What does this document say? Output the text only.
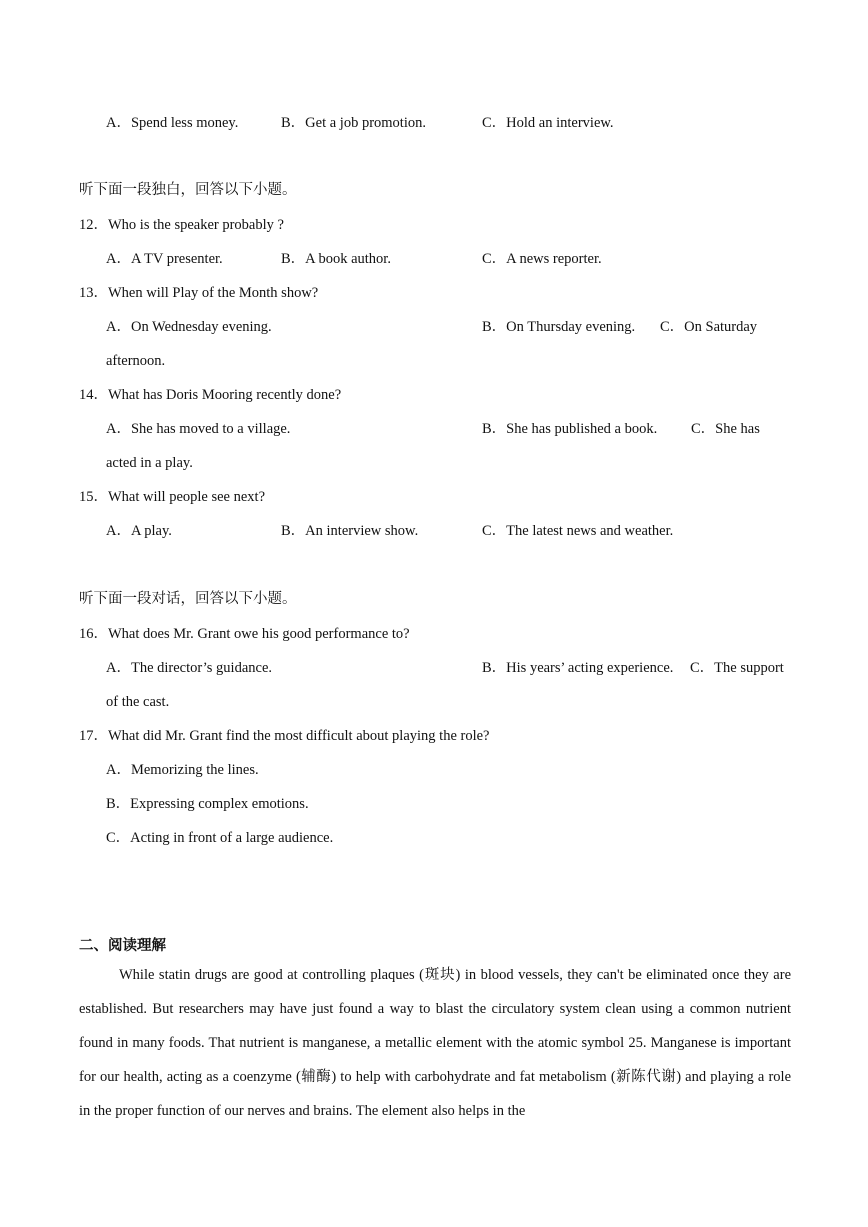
A．Spend less money.	B．Get a job promotion.	C．Hold an interview.
听下面一段独白，回答以下小题。
12．Who is the speaker probably ?
A．A TV presenter.	B．A book author.	C．A news reporter.
13．When will Play of the Month show?
A．On Wednesday evening.	B．On Thursday evening. C．On Saturday
afternoon.
14．What has Doris Mooring recently done?
A．She has moved to a village.	B．She has published a book. C．She has
acted in a play.
15．What will people see next?
A．A play.	B．An interview show.	C．The latest news and weather.
听下面一段对话，回答以下小题。
16．What does Mr. Grant owe his good performance to?
A．The director’s guidance.	B．His years’ acting experience. C．The support
of the cast.
17．What did Mr. Grant find the most difficult about playing the role?
A．Memorizing the lines.
B．Expressing complex emotions.
C．Acting in front of a large audience.
二、阅读理解
While statin drugs are good at controlling plaques (斑块) in blood vessels, they can't be eliminated once they are established. But researchers may have just found a way to blast the circulatory system clean using a common nutrient found in many foods. That nutrient is manganese, a metallic element with the atomic symbol 25. Manganese is important for our health, acting as a coenzyme (辅酶) to help with carbohydrate and fat metabolism (新陈代谢) and playing a role in the proper function of our nerves and brains. The element also helps in the
